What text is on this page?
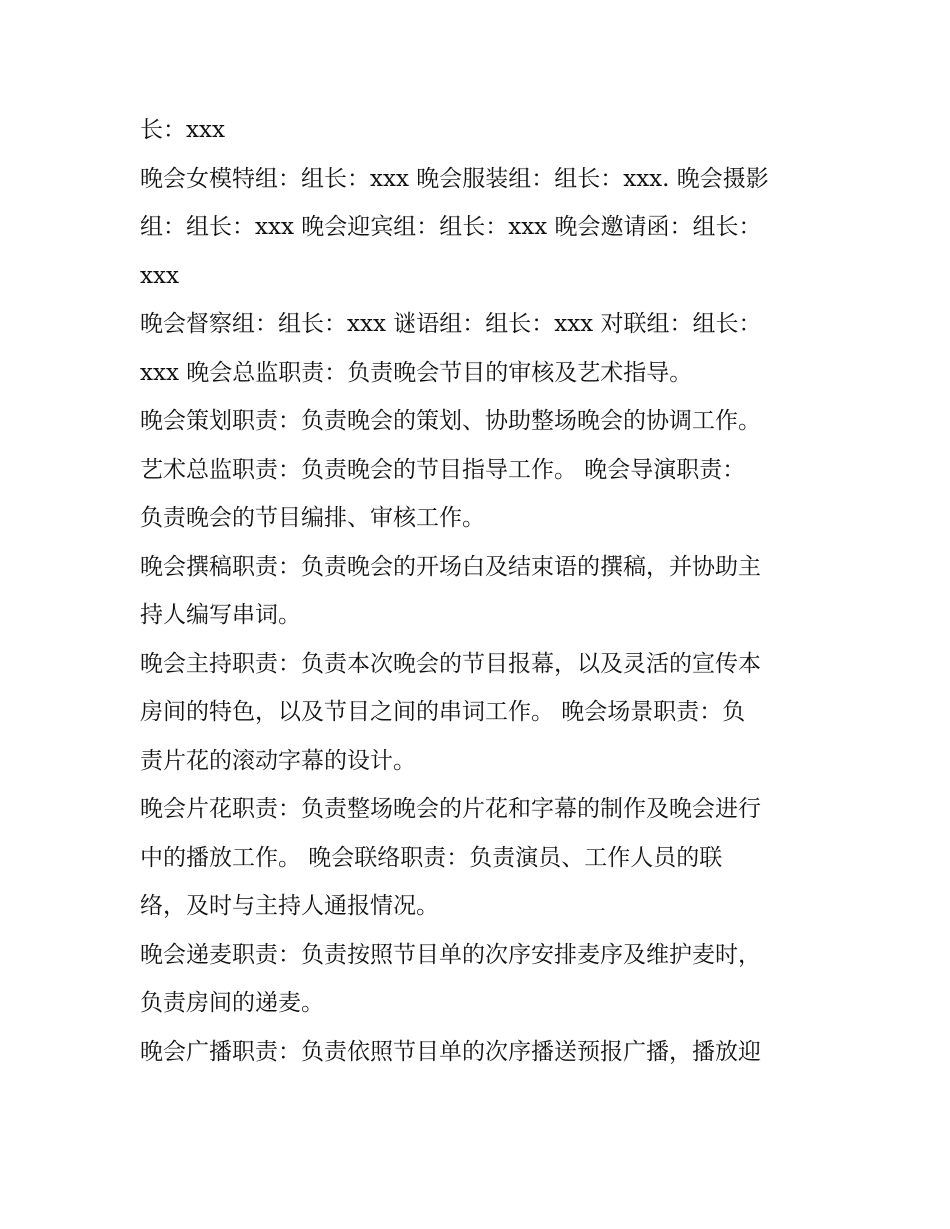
长：xxx
晚会女模特组：组长：xxx 晚会服装组：组长：xxx. 晚会摄影
组：组长：xxx 晚会迎宾组：组长：xxx 晚会邀请函：组长：
xxx
晚会督察组：组长：xxx 谜语组：组长：xxx 对联组：组长：
xxx 晚会总监职责：负责晚会节目的审核及艺术指导。
晚会策划职责：负责晚会的策划、协助整场晚会的协调工作。
艺术总监职责：负责晚会的节目指导工作。 晚会导演职责：
负责晚会的节目编排、审核工作。
晚会撰稿职责：负责晚会的开场白及结束语的撰稿，并协助主
持人编写串词。
晚会主持职责：负责本次晚会的节目报幕，以及灵活的宣传本
房间的特色，以及节目之间的串词工作。 晚会场景职责：负
责片花的滚动字幕的设计。
晚会片花职责：负责整场晚会的片花和字幕的制作及晚会进行
中的播放工作。 晚会联络职责：负责演员、工作人员的联
络，及时与主持人通报情况。
晚会递麦职责：负责按照节目单的次序安排麦序及维护麦时，
负责房间的递麦。
晚会广播职责：负责依照节目单的次序播送预报广播，播放迎
